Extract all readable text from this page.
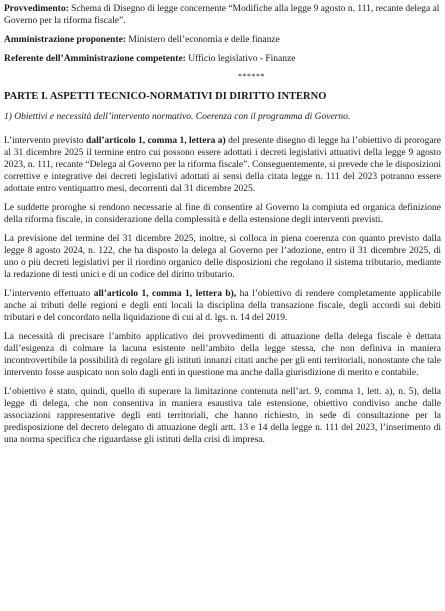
Provvedimento: Schema di Disegno di legge concernente “Modifiche alla legge 9 agosto n. 111, recante delega al Governo per la riforma fiscale”.

Amministrazione proponente: Ministero dell’economia e delle finanze

Referente dell’Amministrazione competente: Ufficio legislativo - Finanze

******
PARTE I. ASPETTI TECNICO-NORMATIVI DI DIRITTO INTERNO
1) Obiettivi e necessità dell’intervento normativo. Coerenza con il programma di Governo.

L’intervento previsto dall’articolo 1, comma 1, lettera a) del presente disegno di legge ha l’obiettivo di prorogare al 31 dicembre 2025 il termine entro cui possono essere adottati i decreti legislativi attuativi della legge 9 agosto 2023, n. 111, recante “Delega al Governo per la riforma fiscale”. Conseguentemente, si prevede che le disposizioni correttive e integrative dei decreti legislativi adottati ai sensi della citata legge n. 111 del 2023 potranno essere adottate entro ventiquattro mesi, decorrenti dal 31 dicembre 2025.

Le suddette proroghe si rendono necessarie al fine di consentire al Governo la compiuta ed organica definizione della riforma fiscale, in considerazione della complessità e della estensione degli interventi previsti.

La previsione del termine del 31 dicembre 2025, inoltre, si colloca in piena coerenza con quanto previsto dalla legge 8 agosto 2024, n. 122, che ha disposto la delega al Governo per l’adozione, entro il 31 dicembre 2025, di uno o più decreti legislativi per il riordino organico delle disposizioni che regolano il sistema tributario, mediante la redazione di testi unici e di un codice del diritto tributario.

L’intervento effettuato all’articolo 1, comma 1, lettera b), ha l’obiettivo di rendere completamente applicabile anche ai tributi delle regioni e degli enti locali la disciplina della transazione fiscale, degli accordi sui debiti tributari e del concordato nella liquidazione di cui al d. lgs. n. 14 del 2019.

La necessità di precisare l’ambito applicativo dei provvedimenti di attuazione della delega fiscale è dettata dall’esigenza di colmare la lacuna esistente nell’ambito della legge stessa, che non definiva in maniera incontrovertibile la possibilità di regolare gli istituti innanzi citati anche per gli enti territoriali, nonostante che tale intervento fosse auspicato non solo dagli enti in questione ma anche dalla giurisdizione di merito e contabile.

L’obiettivo è stato, quindi, quello di superare la limitazione contenuta nell’art. 9, comma 1, lett. a), n. 5), della legge di delega, che non consentiva in maniera esaustiva tale estensione, obiettivo condiviso anche dalle associazioni rappresentative degli enti territoriali, che hanno richiesto, in sede di consultazione per la predisposizione del decreto delegato di attuazione degli artt. 13 e 14 della legge n. 111 del 2023, l’inserimento di una norma specifica che riguardasse gli istituti della crisi di impresa.
